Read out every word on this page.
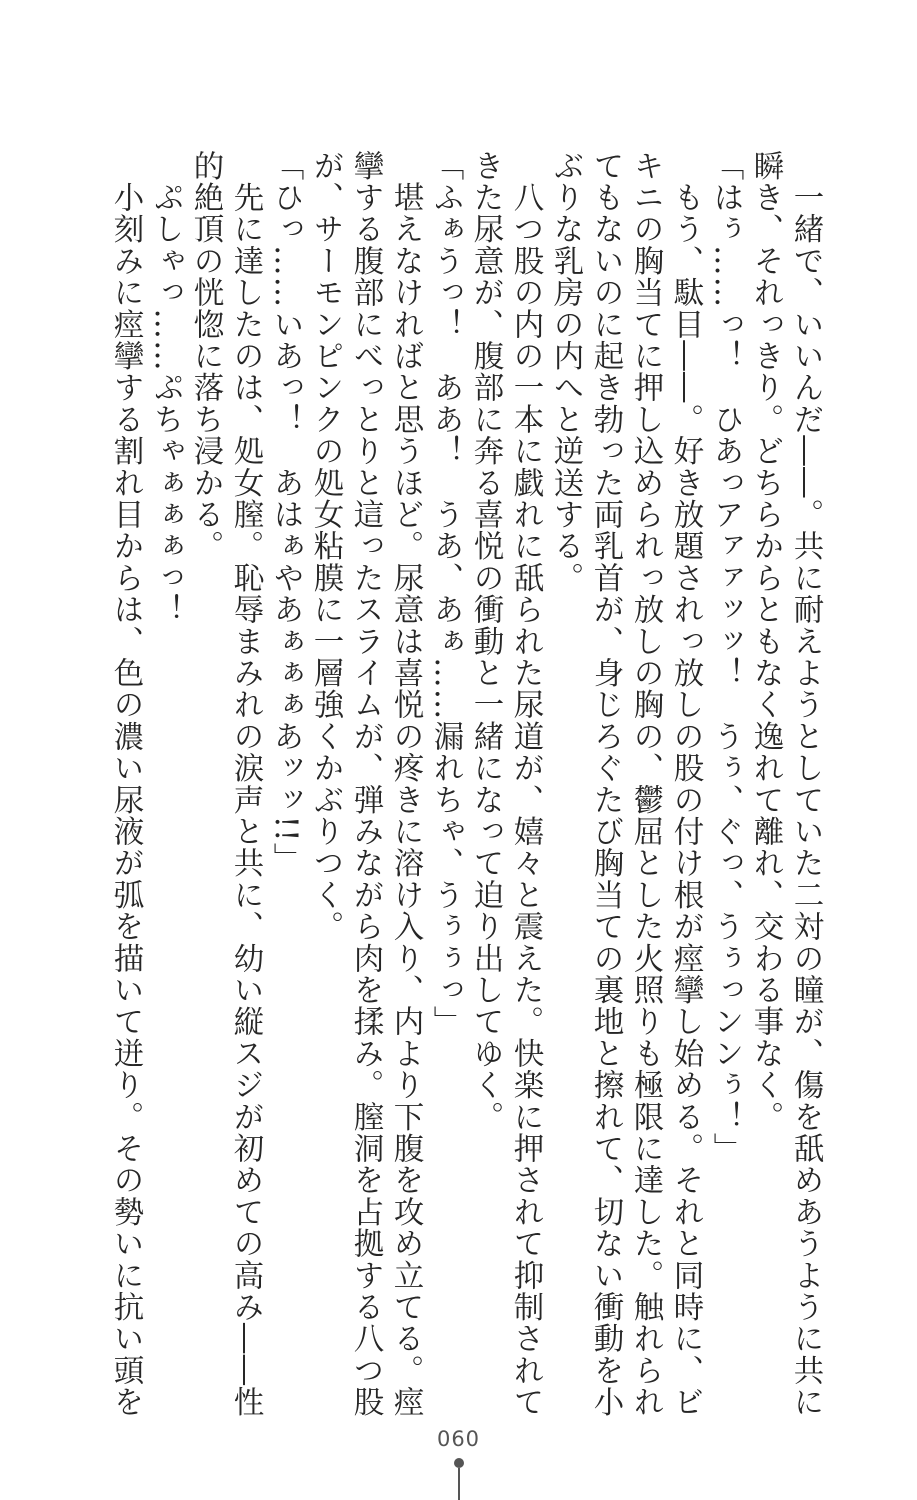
　一緒で、いいんだ――。共に耐えようとしていた二対の瞳が、傷を舐めあうように共に
瞬き、それっきり。どちらからともなく逸れて離れ、交わる事なく。
「はぅ……っ！　ひあっアァァッッ！　うぅ、ぐっ、うぅっンンぅ！」
　もう、駄目――。好き放題されっ放しの股の付け根が痙攣し始める。それと同時に、ビ
キニの胸当てに押し込められっ放しの胸の、鬱屈とした火照りも極限に達した。触れられ
てもないのに起き勃った両乳首が、身じろぐたび胸当ての裏地と擦れて、切ない衝動を小
ぶりな乳房の内へと逆送する。
　八つ股の内の一本に戯れに舐られた尿道が、嬉々と震えた。快楽に押されて抑制されて
きた尿意が、腹部に奔る喜悦の衝動と一緒になって迫り出してゆく。
「ふぁうっ！　ああ！　うあ、あぁ……漏れちゃ、うぅぅっ」
　堪えなければと思うほど。尿意は喜悦の疼きに溶け入り、内より下腹を攻め立てる。痙
攣する腹部にべっとりと這ったスライムが、弾みながら肉を揉み。膣洞を占拠する八つ股
が、サーモンピンクの処女粘膜に一層強くかぶりつく。
「ひっ……いあっ！　あはぁやあぁぁぁあッッ!!」
　先に達したのは、処女膣。恥辱まみれの涙声と共に、幼い縦スジが初めての高み――性
的絶頂の恍惚に落ち浸かる。
　ぷしゃっ……ぷちゃぁぁぁっ！
　小刻みに痙攣する割れ目からは、色の濃い尿液が弧を描いて迸り。その勢いに抗い頭を
060
